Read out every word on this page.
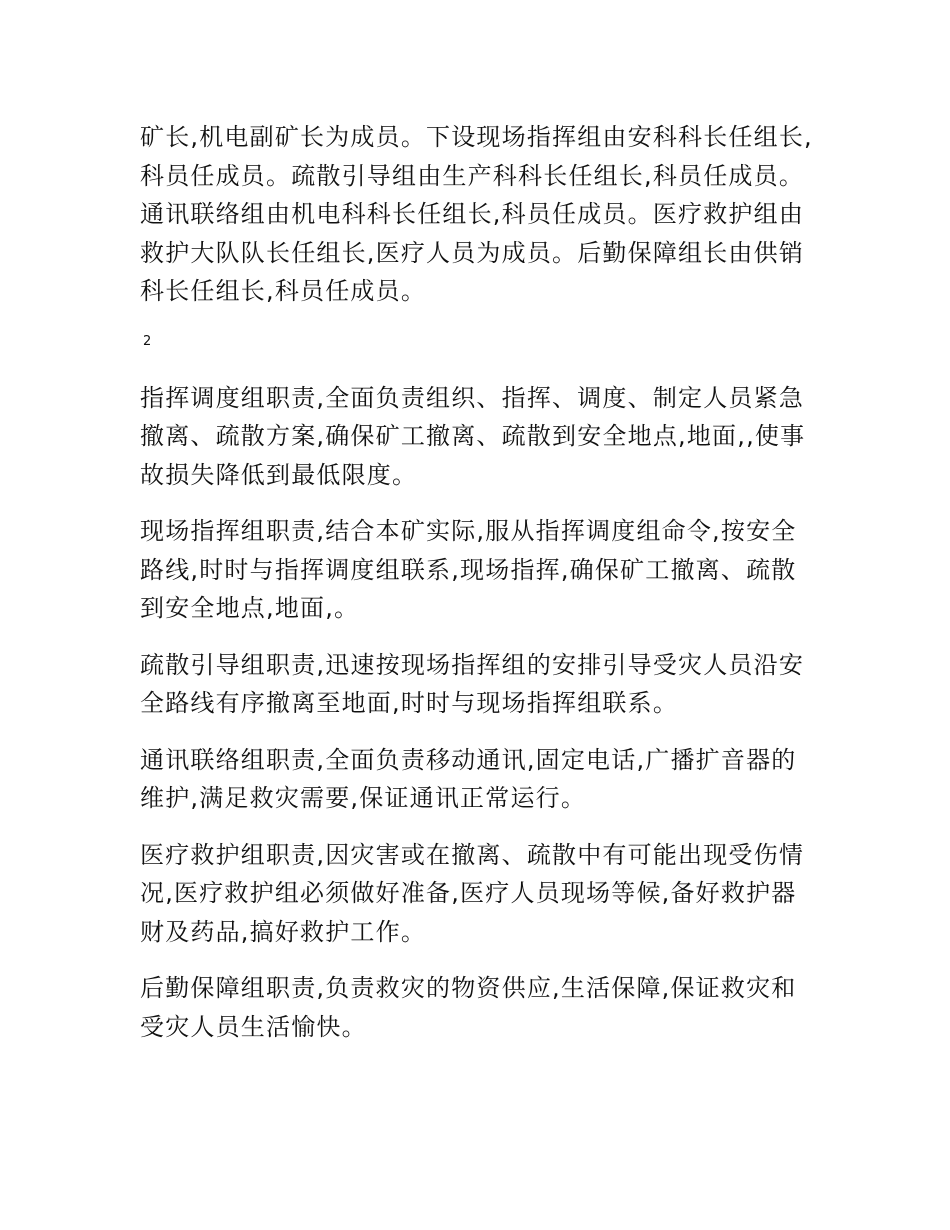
矿长,机电副矿长为成员。下设现场指挥组由安科科长任组长,科员任成员。疏散引导组由生产科科长任组长,科员任成员。通讯联络组由机电科科长任组长,科员任成员。医疗救护组由救护大队队长任组长,医疗人员为成员。后勤保障组长由供销科长任组长,科员任成员。

2

指挥调度组职责,全面负责组织、指挥、调度、制定人员紧急撤离、疏散方案,确保矿工撤离、疏散到安全地点,地面,,使事故损失降低到最低限度。

现场指挥组职责,结合本矿实际,服从指挥调度组命令,按安全路线,时时与指挥调度组联系,现场指挥,确保矿工撤离、疏散到安全地点,地面,。

疏散引导组职责,迅速按现场指挥组的安排引导受灾人员沿安全路线有序撤离至地面,时时与现场指挥组联系。

通讯联络组职责,全面负责移动通讯,固定电话,广播扩音器的维护,满足救灾需要,保证通讯正常运行。

医疗救护组职责,因灾害或在撤离、疏散中有可能出现受伤情况,医疗救护组必须做好准备,医疗人员现场等候,备好救护器财及药品,搞好救护工作。

后勤保障组职责,负责救灾的物资供应,生活保障,保证救灾和受灾人员生活愉快。
